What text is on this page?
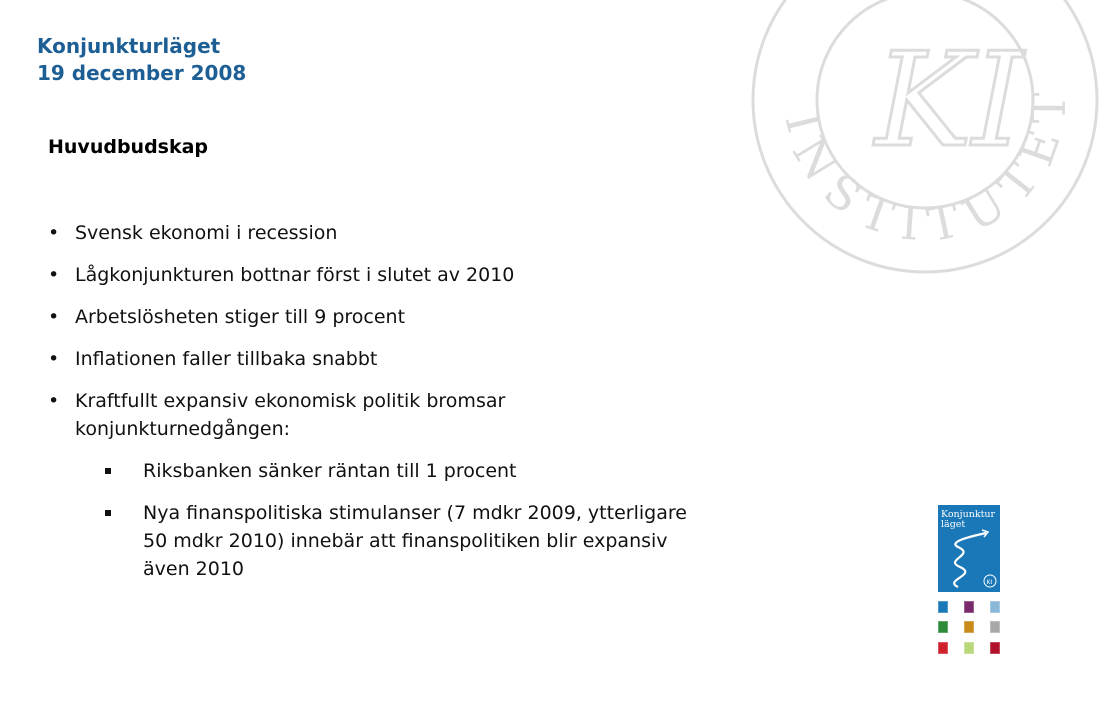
INSTITUTET
KI
Konjunkturläget
19 december 2008
Huvudbudskap
• Svensk ekonomi i recession
• Lågkonjunkturen bottnar först i slutet av 2010
• Arbetslösheten stiger till 9 procent
• Inflationen faller tillbaka snabbt
• Kraftfullt expansiv ekonomisk politik bromsar konjunkturnedgången:
Riksbanken sänker räntan till 1 procent
Nya finanspolitiska stimulanser (7 mdkr 2009, ytterligare 50 mdkr 2010) innebär att finanspolitiken blir expansiv även 2010
Konjunktur
läget
KI
